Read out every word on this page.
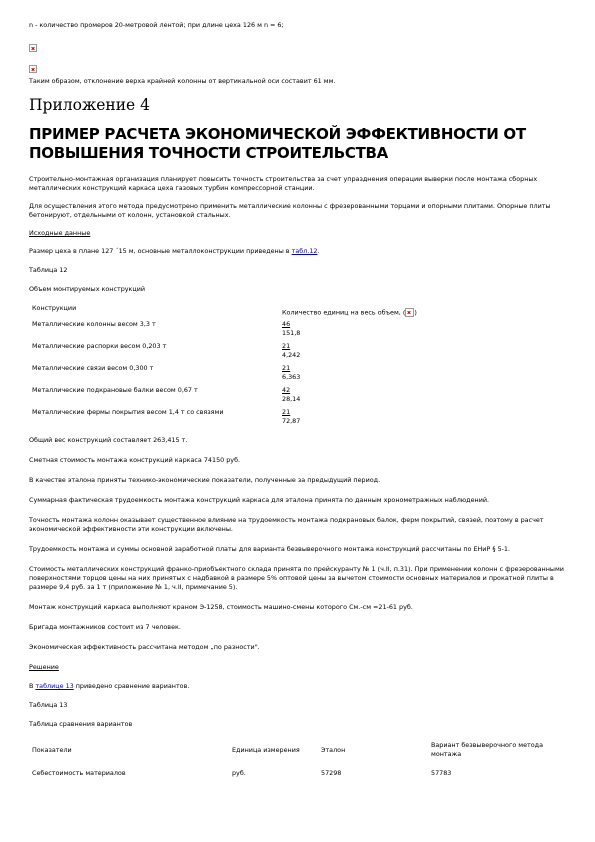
n - количество промеров 20-метровой лентой; при длине цеха 126 м n = 6;

Таким образом, отклонение верха крайней колонны от вертикальной оси составит 61 мм.

Приложение 4
ПРИМЕР РАСЧЕТА ЭКОНОМИЧЕСКОЙ ЭФФЕКТИВНОСТИ ОТ ПОВЫШЕНИЯ ТОЧНОСТИ СТРОИТЕЛЬСТВА

Строительно-монтажная организация планирует повысить точность строительства за счет упразднения операции выверки после монтажа сборных металлических конструкций каркаса цеха газовых турбин компрессорной станции.

Для осуществления этого метода предусмотрено применить металлические колонны с фрезерованными торцами и опорными плитами. Опорные плиты бетонируют, отдельными от колонн, установкой стальных.

Исходные данные

Размер цеха в плане 127 ´15 м, основные металлоконструкции приведены в табл.12.

Таблица 12

Объем монтируемых конструкций

Конструкции	Количество единиц на весь объем, ( )
Металлические колонны весом 3,3 т	46
151,8
Металлические распорки весом 0,203 т	21
4,242
Металлические связи весом 0,300 т	21
6,363
Металлические подкрановые балки весом 0,67 т	42
28,14
Металлические фермы покрытия весом 1,4 т со связями	21
72,87

Общий вес конструкций составляет 263,415 т.

Сметная стоимость монтажа конструкций каркаса 74150 руб.

В качестве эталона приняты технико-экономические показатели, полученные за предыдущий период.

Суммарная фактическая трудоемкость монтажа конструкций каркаса для эталона принята по данным хронометражных наблюдений.

Точность монтажа колонн оказывает существенное влияние на трудоемкость монтажа подкрановых балок, ферм покрытий, связей, поэтому в расчет экономической эффективности эти конструкции включены.

Трудоемкость монтажа и суммы основной заработной платы для варианта безвыверочного монтажа конструкций рассчитаны по ЕНиР § 5-1.

Стоимость металлических конструкций франко-приобъектного склада принята по прейскуранту № 1 (ч.II, п.31). При применении колонн с фрезерованными поверхностями торцов цены на них принятых с надбавкой в размере 5% оптовой цены за вычетом стоимости основных материалов и прокатной плиты в размере 9,4 руб. за 1 т (приложение № 1, ч.II, примечание 5).

Монтаж конструкций каркаса выполняют краном Э-1258, стоимость машино-смены которого См.-см =21-61 руб.

Бригада монтажников состоит из 7 человек.

Экономическая эффективность рассчитана методом „по разности".

Решение

В таблице 13 приведено сравнение вариантов.

Таблица 13

Таблица сравнения вариантов

Показатели	Единица измерения	Эталон	Вариант безвыверочного метода монтажа
Себестоимость материалов	руб.	57298	57783
